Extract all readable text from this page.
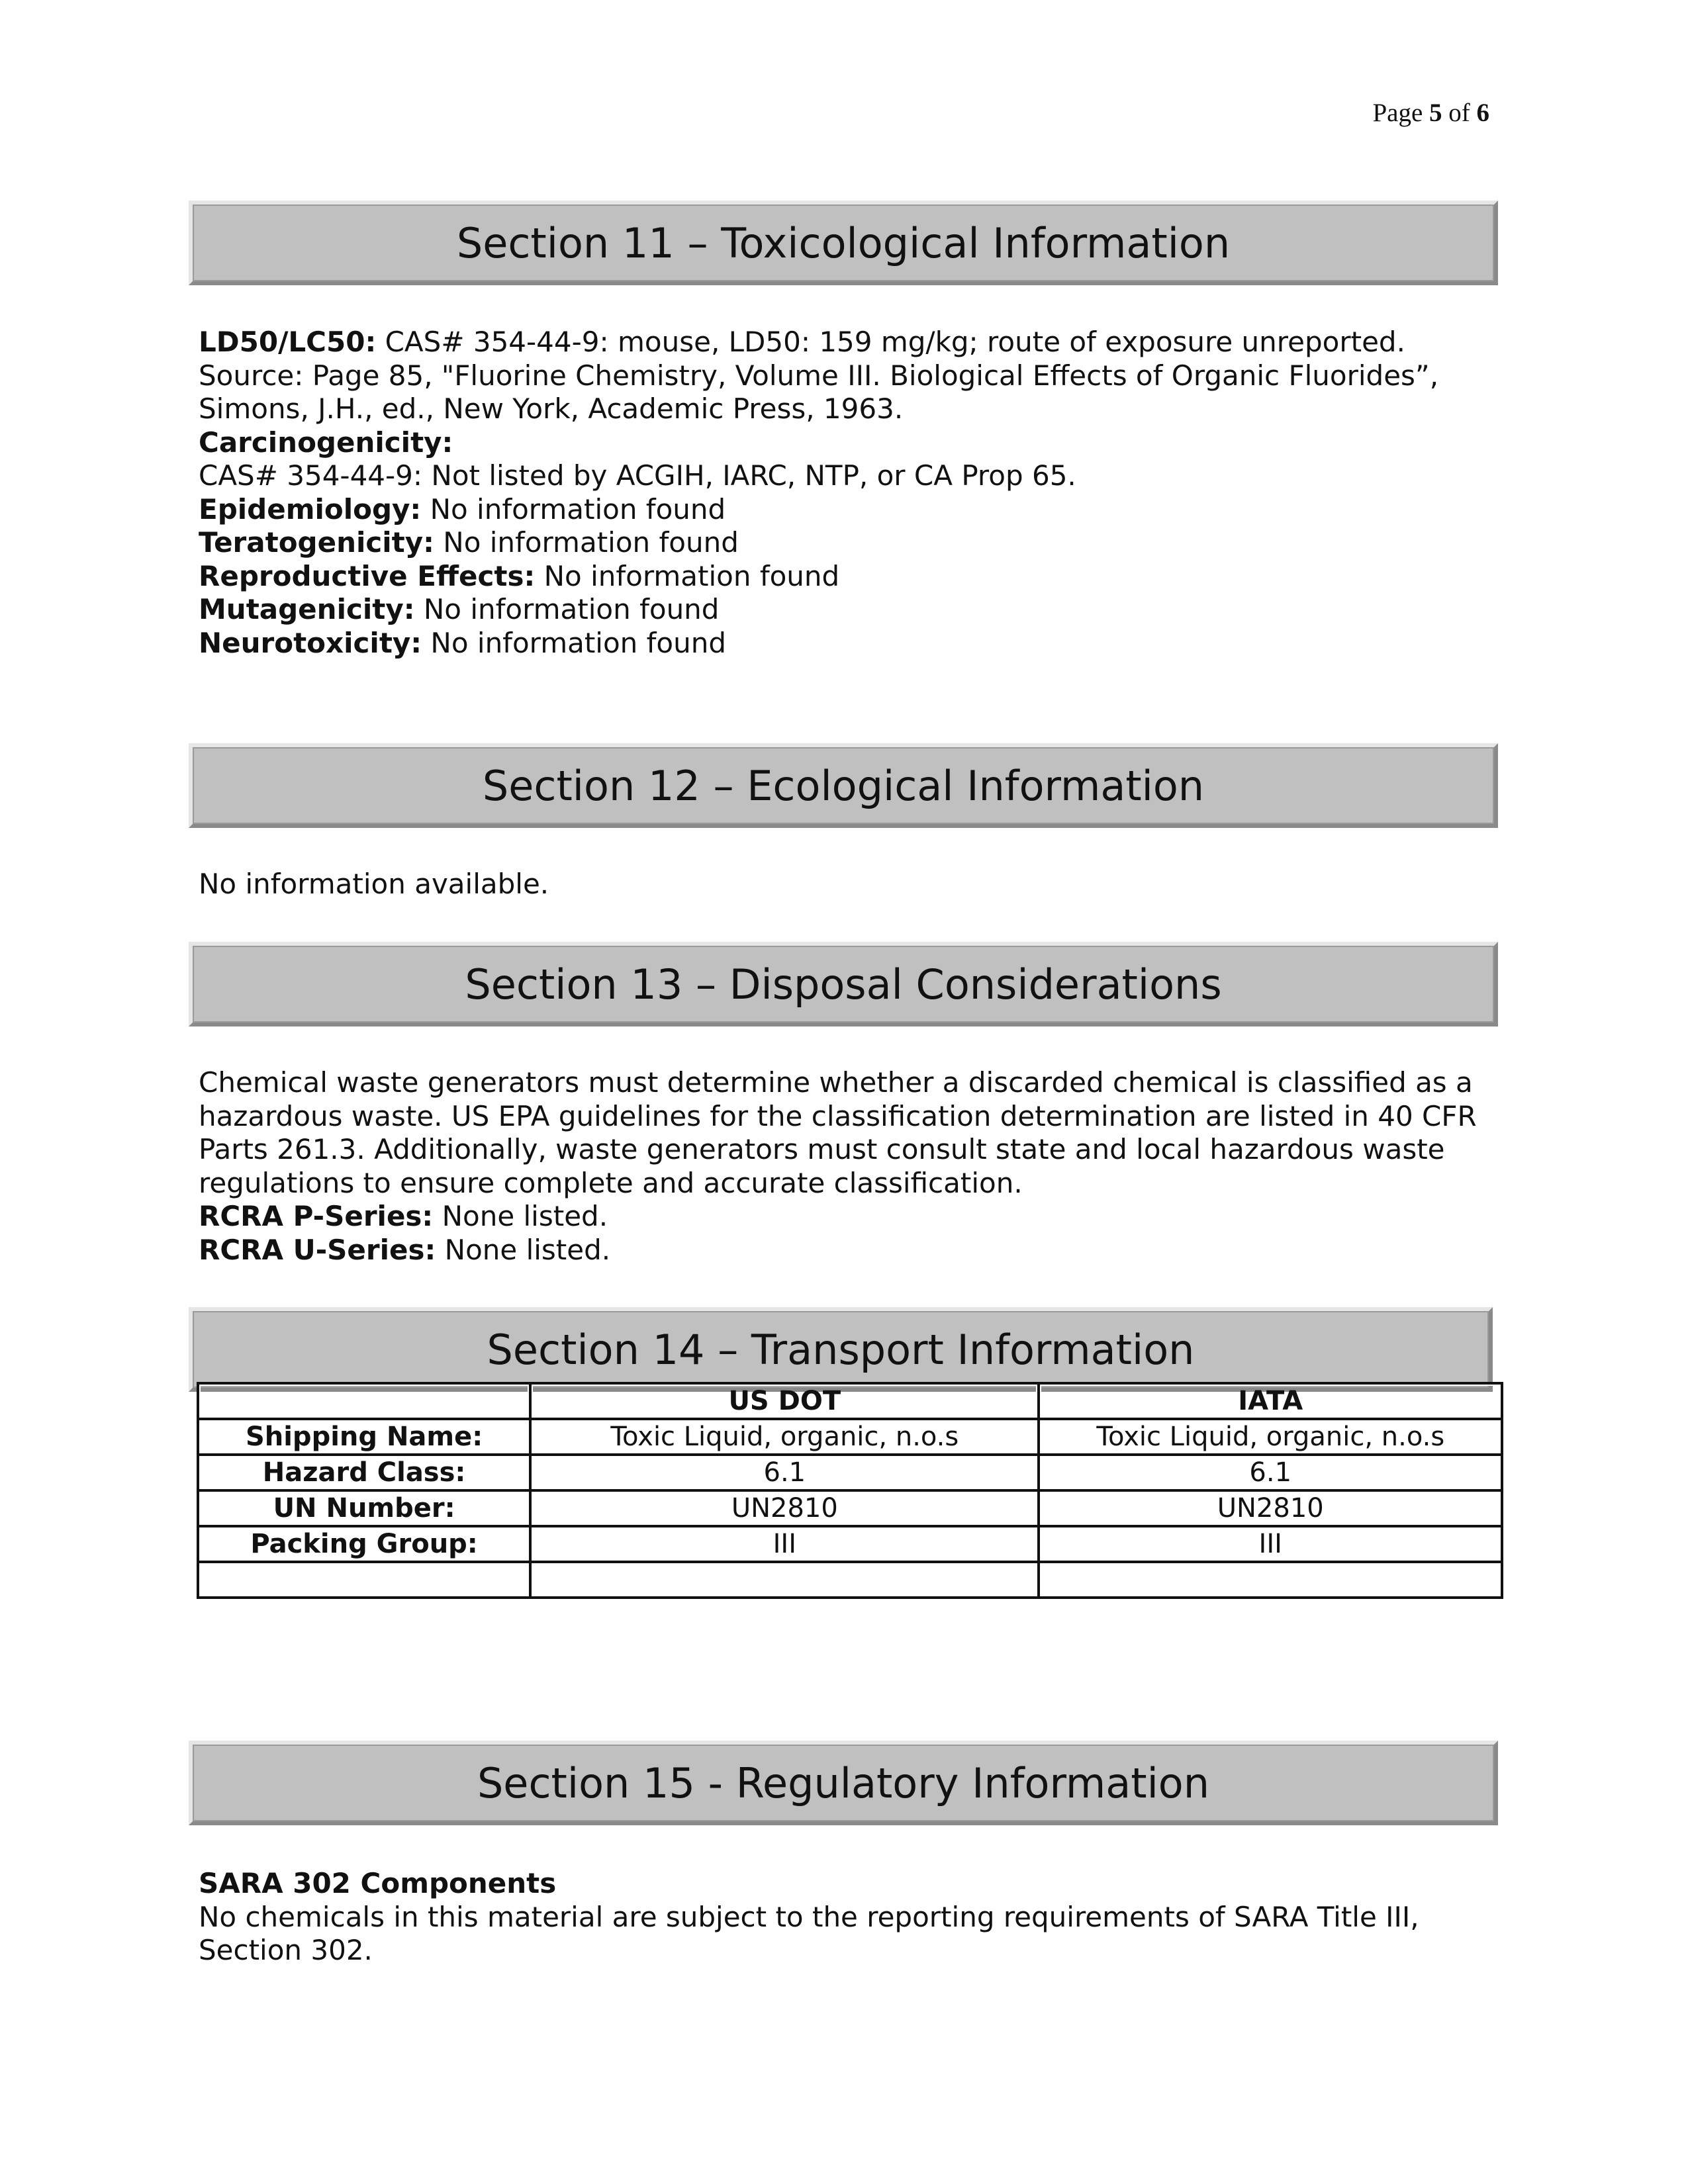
Page 5 of 6
Section 11 – Toxicological Information

LD50/LC50: CAS# 354-44-9: mouse, LD50: 159 mg/kg; route of exposure unreported.

Source: Page 85, "Fluorine Chemistry, Volume III. Biological Effects of Organic Fluorides”,

Simons, J.H., ed., New York, Academic Press, 1963.

Carcinogenicity:

CAS# 354-44-9: Not listed by ACGIH, IARC, NTP, or CA Prop 65.

Epidemiology: No information found

Teratogenicity: No information found

Reproductive Effects: No information found

Mutagenicity: No information found

Neurotoxicity: No information found

Section 12 – Ecological Information

No information available.

Section 13 – Disposal Considerations

Chemical waste generators must determine whether a discarded chemical is classified as a

hazardous waste. US EPA guidelines for the classification determination are listed in 40 CFR

Parts 261.3. Additionally, waste generators must consult state and local hazardous waste

regulations to ensure complete and accurate classification.

RCRA P-Series: None listed.

RCRA U-Series: None listed.

Section 14 – Transport Information
	US DOT	IATA
Shipping Name:	Toxic Liquid, organic, n.o.s	Toxic Liquid, organic, n.o.s
Hazard Class:	6.1	6.1
UN Number:	UN2810	UN2810
Packing Group:	III	III

Section 15 - Regulatory Information

SARA 302 Components

No chemicals in this material are subject to the reporting requirements of SARA Title III,

Section 302.
